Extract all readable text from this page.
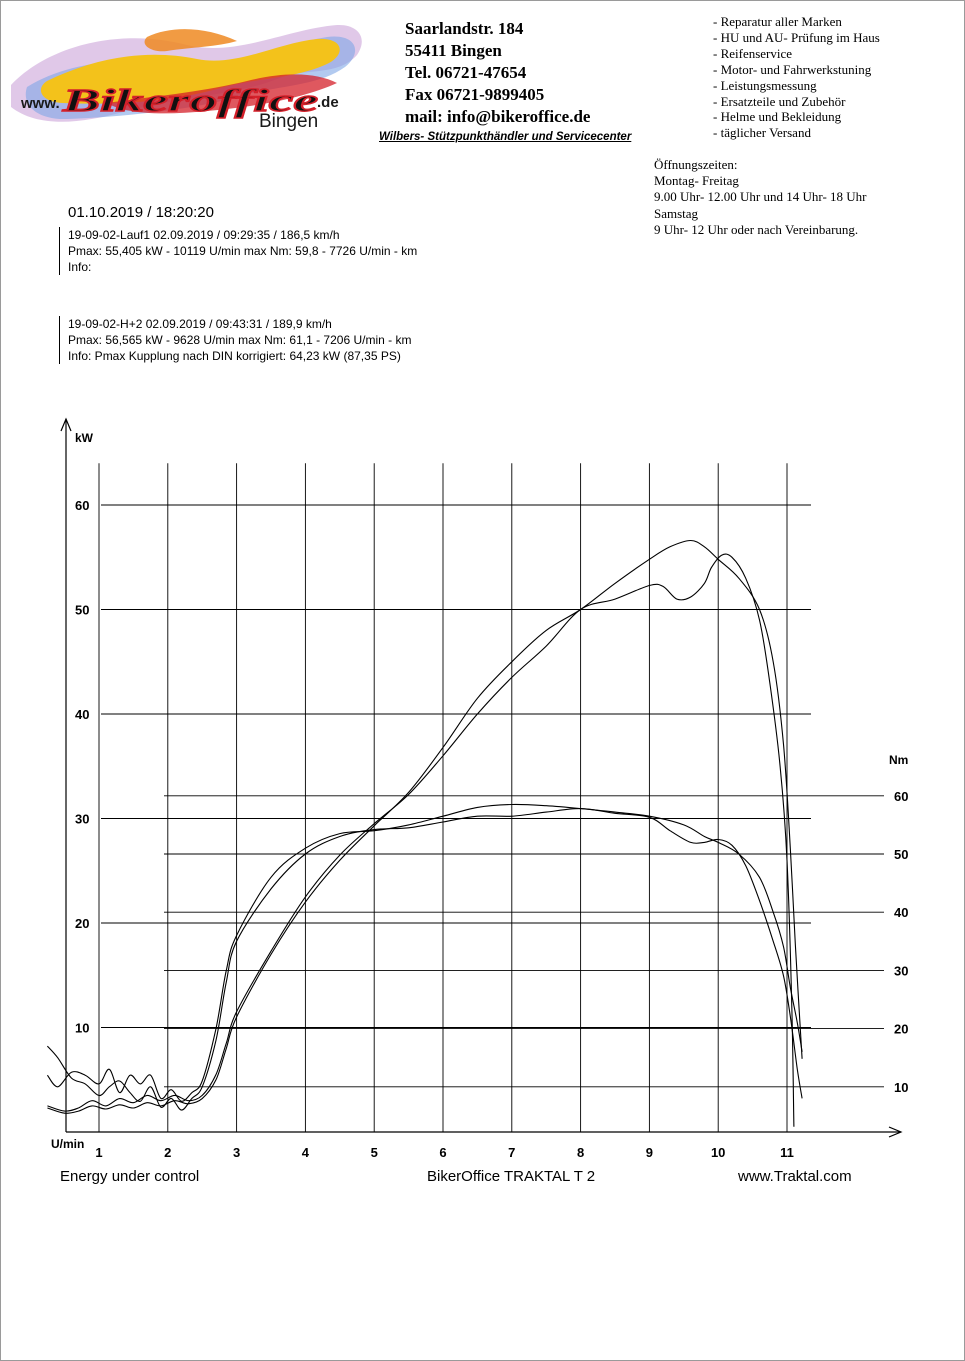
www. Bikeroffice
.de
Bingen
Saarlandstr. 184
55411 Bingen
Tel. 06721-47654
Fax 06721-9899405
mail: info@bikeroffice.de
Wilbers- Stützpunkthändler und Servicecenter
- Reparatur aller Marken
- HU und AU- Prüfung im Haus
- Reifenservice
- Motor- und Fahrwerkstuning
- Leistungsmessung
- Ersatzteile und Zubehör
- Helme und Bekleidung
- täglicher Versand
Öffnungszeiten:
Montag- Freitag
9.00 Uhr- 12.00 Uhr und 14 Uhr- 18 Uhr
Samstag
9 Uhr- 12 Uhr oder nach Vereinbarung.
01.10.2019 / 18:20:20
19-09-02-Lauf1 02.09.2019 / 09:29:35 / 186,5 km/h
Pmax: 55,405 kW - 10119 U/min max Nm: 59,8 - 7726 U/min - km
Info:
19-09-02-H+2 02.09.2019 / 09:43:31 / 189,9 km/h
Pmax: 56,565 kW - 9628 U/min max Nm: 61,1 - 7206 U/min - km
Info: Pmax Kupplung nach DIN korrigiert: 64,23 kW (87,35 PS)
1	2	3	4	5	6	7	8	9	10	11
10
20
30
40
50
60
10
20
30
40
50
60
kW
Nm
U/min
Energy under control	BikerOffice TRAKTAL T 2	www.Traktal.com
